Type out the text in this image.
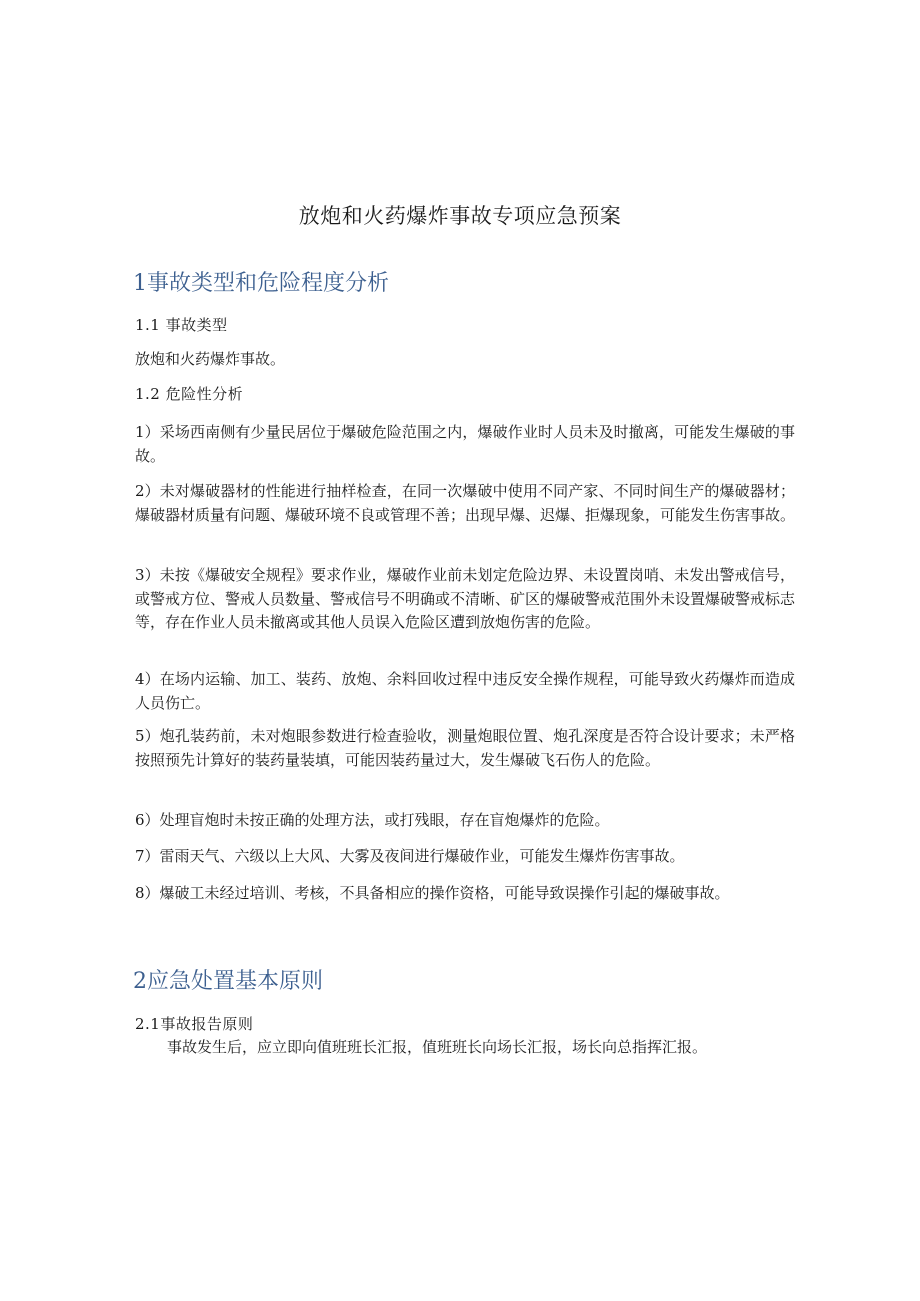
放炮和火药爆炸事故专项应急预案
1事故类型和危险程度分析
1.1 事故类型

放炮和火药爆炸事故。

1.2 危险性分析

1）采场西南侧有少量民居位于爆破危险范围之内，爆破作业时人员未及时撤离，可能发生爆破的事故。

2）未对爆破器材的性能进行抽样检查，在同一次爆破中使用不同产家、不同时间生产的爆破器材；爆破器材质量有问题、爆破环境不良或管理不善；出现早爆、迟爆、拒爆现象，可能发生伤害事故。

3）未按《爆破安全规程》要求作业，爆破作业前未划定危险边界、未设置岗哨、未发出警戒信号，或警戒方位、警戒人员数量、警戒信号不明确或不清晰、矿区的爆破警戒范围外未设置爆破警戒标志等，存在作业人员未撤离或其他人员误入危险区遭到放炮伤害的危险。

4）在场内运输、加工、装药、放炮、余料回收过程中违反安全操作规程，可能导致火药爆炸而造成人员伤亡。

5）炮孔装药前，未对炮眼参数进行检查验收，测量炮眼位置、炮孔深度是否符合设计要求；未严格按照预先计算好的装药量装填，可能因装药量过大，发生爆破飞石伤人的危险。

6）处理盲炮时未按正确的处理方法，或打残眼，存在盲炮爆炸的危险。

7）雷雨天气、六级以上大风、大雾及夜间进行爆破作业，可能发生爆炸伤害事故。

8）爆破工未经过培训、考核，不具备相应的操作资格，可能导致误操作引起的爆破事故。

2应急处置基本原则
2.1事故报告原则

事故发生后，应立即向值班班长汇报，值班班长向场长汇报，场长向总指挥汇报。
